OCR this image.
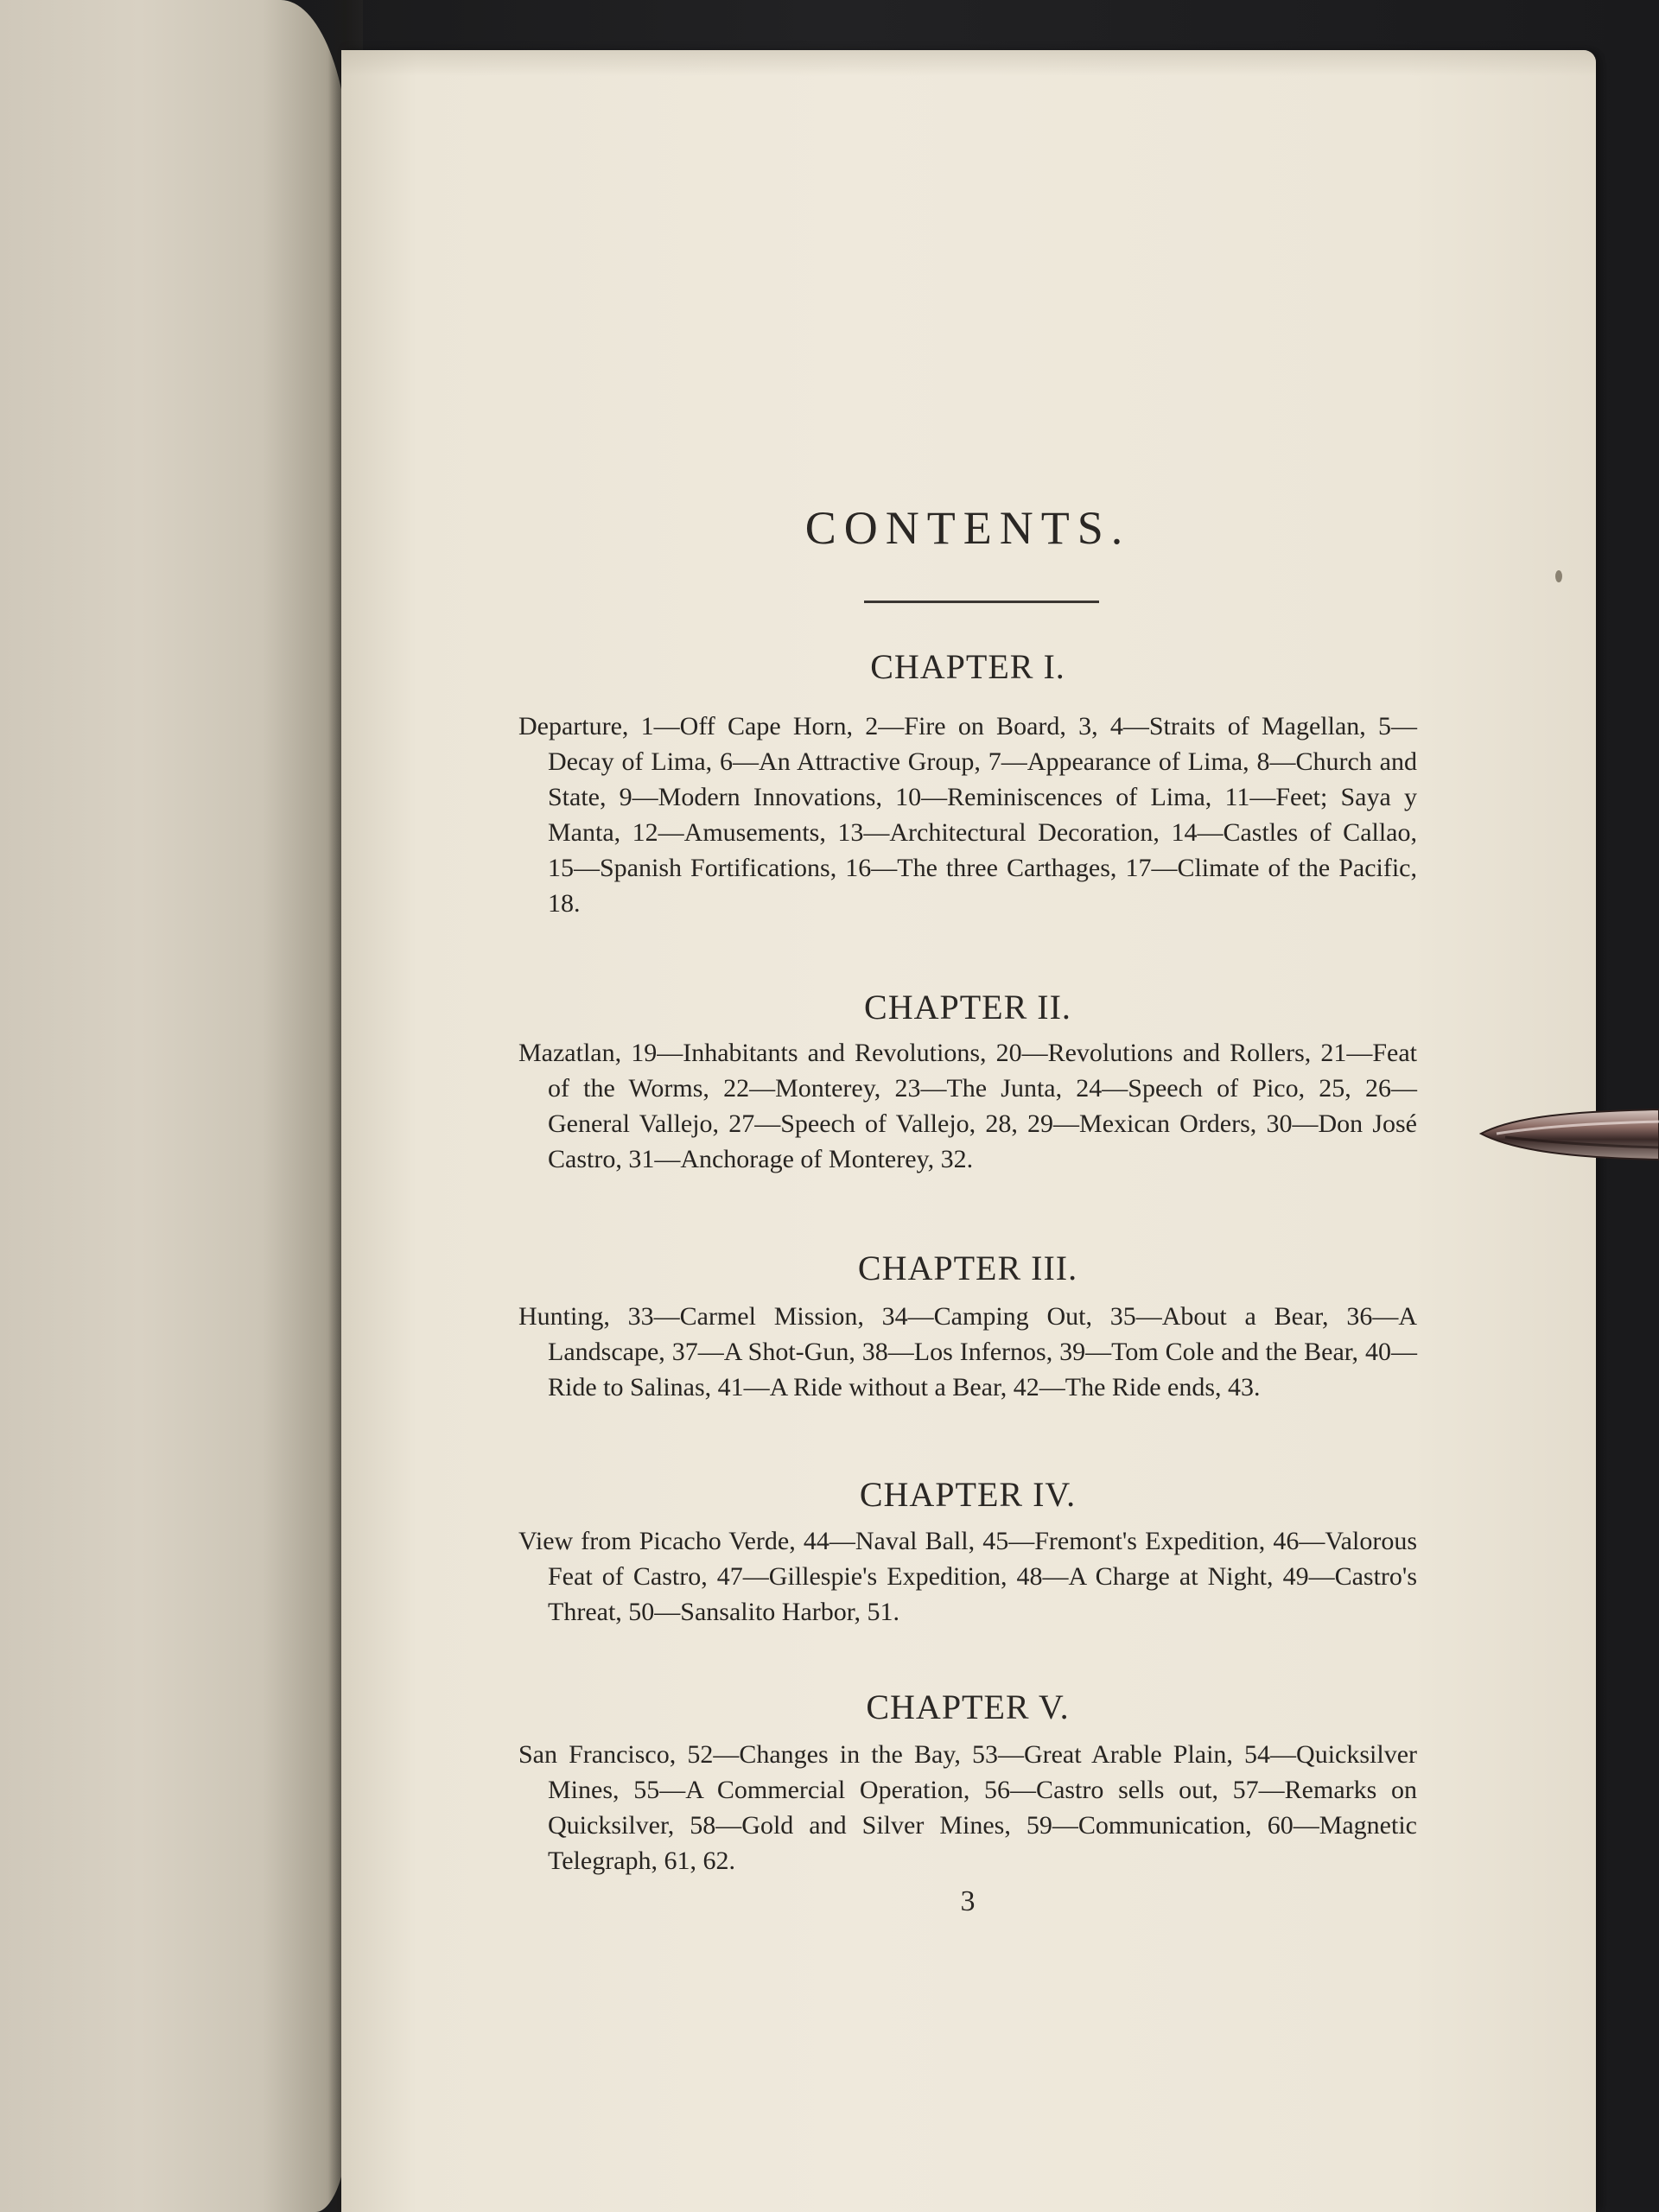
CONTENTS.
CHAPTER I.
Departure, 1—Off Cape Horn, 2—Fire on Board, 3, 4—Straits of Magellan, 5—Decay of Lima, 6—An Attractive Group, 7—Appearance of Lima, 8—Church and State, 9—Modern Innovations, 10—Reminiscences of Lima, 11—Feet; Saya y Manta, 12—Amusements, 13—Architectural Decoration, 14—Castles of Callao, 15—Spanish Fortifications, 16—The three Carthages, 17—Climate of the Pacific, 18.
CHAPTER II.
Mazatlan, 19—Inhabitants and Revolutions, 20—Revolutions and Rollers, 21—Feat of the Worms, 22—Monterey, 23—The Junta, 24—Speech of Pico, 25, 26—General Vallejo, 27—Speech of Vallejo, 28, 29—Mexican Orders, 30—Don José Castro, 31—Anchorage of Monterey, 32.
CHAPTER III.
Hunting, 33—Carmel Mission, 34—Camping Out, 35—About a Bear, 36—A Landscape, 37—A Shot-Gun, 38—Los Infernos, 39—Tom Cole and the Bear, 40—Ride to Salinas, 41—A Ride without a Bear, 42—The Ride ends, 43.
CHAPTER IV.
View from Picacho Verde, 44—Naval Ball, 45—Fremont's Expedition, 46—Valorous Feat of Castro, 47—Gillespie's Expedition, 48—A Charge at Night, 49—Castro's Threat, 50—Sansalito Harbor, 51.
CHAPTER V.
San Francisco, 52—Changes in the Bay, 53—Great Arable Plain, 54—Quicksilver Mines, 55—A Commercial Operation, 56—Castro sells out, 57—Remarks on Quicksilver, 58—Gold and Silver Mines, 59—Communication, 60—Magnetic Telegraph, 61, 62.
3
